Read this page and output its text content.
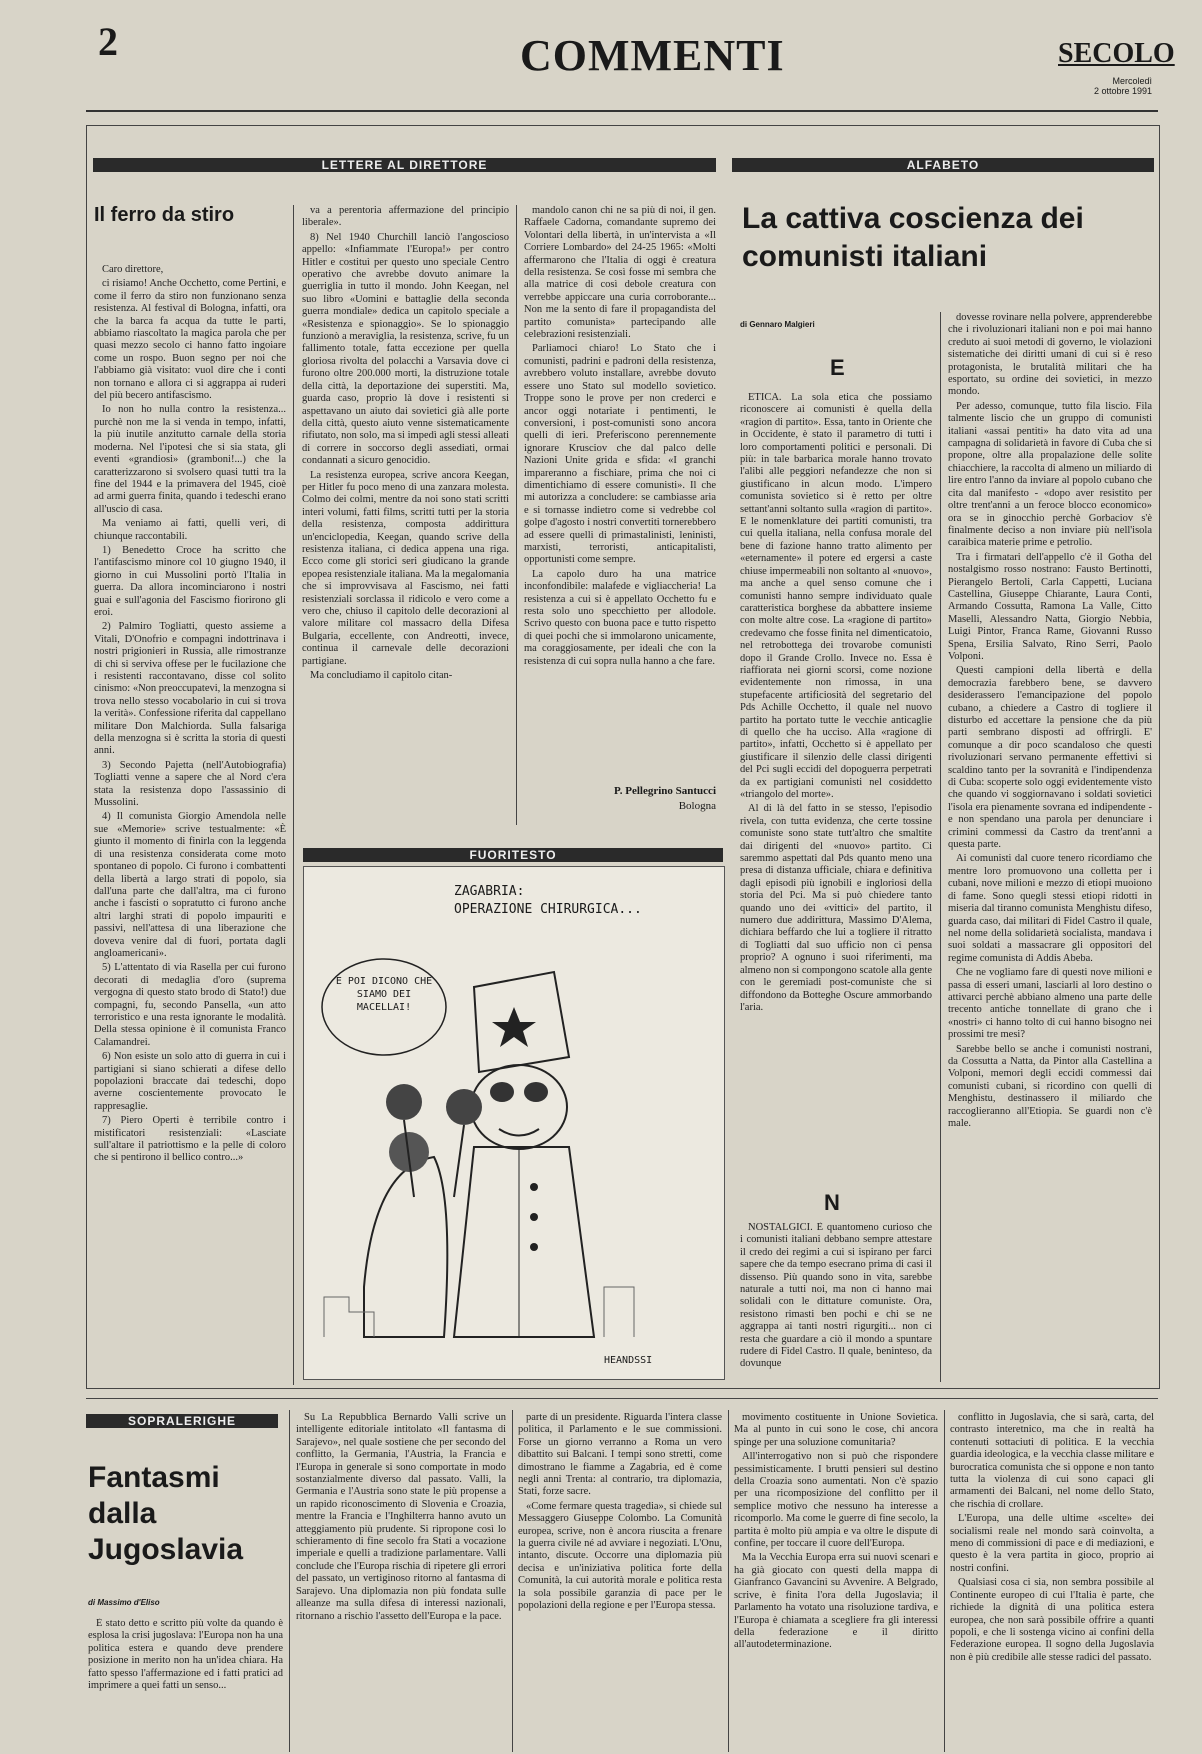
2	COMMENTI	SECOLO
Mercoledì
2 ottobre 1991
LETTERE AL DIRETTORE
Il ferro da stiro

Caro direttore,

ci risiamo! Anche Occhetto, come Pertini, e come il ferro da stiro non funzionano senza resistenza. Al festival di Bologna, infatti, ora che la barca fa acqua da tutte le parti, abbiamo riascoltato la magica parola che per quasi mezzo secolo ci hanno fatto ingoiare come un rospo. Buon segno per noi che l'abbiamo già visitato: vuol dire che i conti non tornano e allora ci si aggrappa ai ruderi del più becero antifascismo.

Io non ho nulla contro la resistenza... purchè non me la si venda in tempo, infatti, la più inutile anzitutto carnale della storia moderna. Nel l'ipotesi che si sia stata, gli eventi «grandiosi» (gramboni!...) che la caratterizzarono si svolsero quasi tutti tra la fine del 1944 e la primavera del 1945, cioè ad armi guerra finita, quando i tedeschi erano all'uscio di casa.

Ma veniamo ai fatti, quelli veri, di chiunque raccontabili.

1) Benedetto Croce ha scritto che l'antifascismo minore col 10 giugno 1940, il giorno in cui Mussolini portò l'Italia in guerra. Da allora incominciarono i nostri guai e sull'agonia del Fascismo fiorirono gli eroi.

2) Palmiro Togliatti, questo assieme a Vitali, D'Onofrio e compagni indottrinava i nostri prigionieri in Russia, alle rimostranze di chi si serviva offese per le fucilazione che i resistenti raccontavano, disse col solito cinismo: «Non preoccupatevi, la menzogna si trova nello stesso vocabolario in cui si trova la verità». Confessione riferita dal cappellano militare Don Malchiorda. Sulla falsariga della menzogna si è scritta la storia di questi anni.

3) Secondo Pajetta (nell'Autobiografia) Togliatti venne a sapere che al Nord c'era stata la resistenza dopo l'assassinio di Mussolini.

4) Il comunista Giorgio Amendola nelle sue «Memorie» scrive testualmente: «È giunto il momento di finirla con la leggenda di una resistenza considerata come moto spontaneo di popolo. Ci furono i combattenti della libertà a largo strati di popolo, sia dall'una parte che dall'altra, ma ci furono anche i fascisti o sopratutto ci furono anche altri larghi strati di popolo impauriti e passivi, nell'attesa di una liberazione che doveva venire dal di fuori, portata dagli angloamericani».

5) L'attentato di via Rasella per cui furono decorati di medaglia d'oro (suprema vergogna di questo stato brodo di Stato!) due compagni, fu, secondo Pansella, «un atto terroristico e una resta ignorante le modalità. Della stessa opinione è il comunista Franco Calamandrei.

6) Non esiste un solo atto di guerra in cui i partigiani si siano schierati a difese dello popolazioni braccate dai tedeschi, dopo averne coscientemente provocato le rappresaglie.

7) Piero Operti è terribile contro i mistificatori resistenziali: «Lasciate sull'altare il patriottismo e la pelle di coloro che si pentirono il bellico contro...»

va a perentoria affermazione del principio liberale».

8) Nel 1940 Churchill lanciò l'angoscioso appello: «Infiammate l'Europa!» per contro Hitler e costituì per questo uno speciale Centro operativo che avrebbe dovuto animare la guerriglia in tutto il mondo. John Keegan, nel suo libro «Uomini e battaglie della seconda guerra mondiale» dedica un capitolo speciale a «Resistenza e spionaggio». Se lo spionaggio funzionò a meraviglia, la resistenza, scrive, fu un fallimento totale, fatta eccezione per quella gloriosa rivolta del polacchi a Varsavia dove ci furono oltre 200.000 morti, la distruzione totale della città, la deportazione dei superstiti. Ma, guarda caso, proprio là dove i resistenti si aspettavano un aiuto dai sovietici già alle porte della città, questo aiuto venne sistematicamente rifiutato, non solo, ma si impedì agli stessi alleati di correre in soccorso degli assediati, ormai condannati a sicuro genocidio.

La resistenza europea, scrive ancora Keegan, per Hitler fu poco meno di una zanzara molesta. Colmo dei colmi, mentre da noi sono stati scritti interi volumi, fatti films, scritti tutti per la storia della resistenza, composta addirittura un'enciclopedia, Keegan, quando scrive della resistenza italiana, ci dedica appena una riga. Ecco come gli storici seri giudicano la grande epopea resistenziale italiana. Ma la megalomania che si improvvisava al Fascismo, nei fatti resistenziali sorclassa il ridicolo e vero come a vero che, chiuso il capitolo delle decorazioni al valore militare col massacro della Difesa Bulgaria, eccellente, con Andreotti, invece, continua il carnevale delle decorazioni partigiane.

Ma concludiamo il capitolo citan-

mandolo canon chi ne sa più di noi, il gen. Raffaele Cadorna, comandante supremo dei Volontari della libertà, in un'intervista a «Il Corriere Lombardo» del 24-25 1965: «Molti affermarono che l'Italia di oggi è creatura della resistenza. Se così fosse mi sembra che alla matrice di così debole creatura con verrebbe appiccare una curia corroborante... Non me la sento di fare il propagandista del partito comunista» partecipando alle celebrazioni resistenziali.

Parliamoci chiaro! Lo Stato che i comunisti, padrini e padroni della resistenza, avrebbero voluto installare, avrebbe dovuto essere uno Stato sul modello sovietico. Troppe sono le prove per non crederci e ancor oggi notariate i pentimenti, le conversioni, i post-comunisti sono ancora quelli di ieri. Preferiscono perennemente ignorare Krusciov che dal palco delle Nazioni Unite grida e sfida: «I granchi impareranno a fischiare, prima che noi ci dimentichiamo di essere comunisti». Il che mi autorizza a concludere: se cambiasse aria e si tornasse indietro come si vedrebbe col golpe d'agosto i nostri convertiti tornerebbero ad essere quelli di primastalinisti, leninisti, marxisti, terroristi, anticapitalisti, opportunisti come sempre.

La capolo duro ha una matrice inconfondibile: malafede e vigliaccheria! La resistenza a cui si è appellato Occhetto fu e resta solo uno specchietto per allodole. Scrivo questo con buona pace e tutto rispetto di quei pochi che si immolarono unicamente, ma coraggiosamente, per ideali che con la resistenza di cui sopra nulla hanno a che fare.

P. Pellegrino Santucci
Bologna
FUORITESTO
ZAGABRIA:
OPERAZIONE CHIRURGICA...
E POI DICONO CHE SIAMO DEI MACELLAI!
HEANDSSI
ALFABETO
La cattiva coscienza dei comunisti italiani
di Gennaro Malgieri
E

ETICA. La sola etica che possiamo riconoscere ai comunisti è quella della «ragion di partito». Essa, tanto in Oriente che in Occidente, è stato il parametro di tutti i loro comportamenti politici e personali. Di più: in tale barbarica morale hanno trovato l'alibi alle peggiori nefandezze che non si giustificano in alcun modo. L'impero comunista sovietico si è retto per oltre settant'anni soltanto sulla «ragion di partito». E le nomenklature dei partiti comunisti, tra cui quella italiana, nella confusa morale del bene di fazione hanno tratto alimento per «eternamente» il potere ed ergersi a caste chiuse impermeabili non soltanto al «nuovo», ma anche a quel senso comune che i comunisti hanno sempre individuato quale caratteristica borghese da abbattere insieme con molte altre cose. La «ragione di partito» credevamo che fosse finita nel dimenticatoio, nel retrobottega dei trovarobe comunisti dopo il Grande Crollo. Invece no. Essa è riaffiorata nei giorni scorsi, come nozione evidentemente non rimossa, in una stupefacente artificiosità del segretario del Pds Achille Occhetto, il quale nel nuovo partito ha portato tutte le vecchie anticaglie di quello che ha ucciso. Alla «ragione di partito», infatti, Occhetto si è appellato per giustificare il silenzio delle classi dirigenti del Pci sugli eccidi del dopoguerra perpetrati da ex partigiani comunisti nel cosiddetto «triangolo del morte».

Al di là del fatto in se stesso, l'episodio rivela, con tutta evidenza, che certe tossine comuniste sono state tutt'altro che smaltite dai dirigenti del «nuovo» partito. Ci saremmo aspettati dal Pds quanto meno una presa di distanza ufficiale, chiara e definitiva dagli episodi più ignobili e ingloriosi della storia del Pci. Ma si può chiedere tanto quando uno dei «vittici» del partito, il numero due addirittura, Massimo D'Alema, dichiara beffardo che lui a togliere il ritratto di Togliatti dal suo ufficio non ci pensa proprio? A ognuno i suoi riferimenti, ma almeno non si compongono scatole alla gente con le geremiadi post-comuniste che si diffondono da Botteghe Oscure ammorbando l'aria.

N

NOSTALGICI. È quantomeno curioso che i comunisti italiani debbano sempre attestare il credo dei regimi a cui si ispirano per farci sapere che da tempo esecrano prima di casi il dissenso. Più quando sono in vita, sarebbe naturale a tutti noi, ma non ci hanno mai solidali con le dittature comuniste. Ora, resistono rimasti ben pochi e chi se ne aggrappa ai tanti nostri rigurgiti... non ci resta che guardare a ciò il mondo a spuntare rudere di Fidel Castro. Il quale, beninteso, da dovunque

dovesse rovinare nella polvere, apprenderebbe che i rivoluzionari italiani non e poi mai hanno creduto ai suoi metodi di governo, le violazioni sistematiche dei diritti umani di cui si è reso protagonista, le brutalità militari che ha esportato, su ordine dei sovietici, in mezzo mondo.

Per adesso, comunque, tutto fila liscio. Fila talmente liscio che un gruppo di comunisti italiani «assai pentiti» ha dato vita ad una campagna di solidarietà in favore di Cuba che si propone, oltre alla propalazione delle solite chiacchiere, la raccolta di almeno un miliardo di lire entro l'anno da inviare al popolo cubano che cita dal manifesto - «dopo aver resistito per oltre trent'anni a un feroce blocco economico» ora se in ginocchio perchè Gorbaciov s'è finalmente deciso a non inviare più nell'isola caraibica materie prime e petrolio.

Tra i firmatari dell'appello c'è il Gotha del nostalgismo rosso nostrano: Fausto Bertinotti, Pierangelo Bertoli, Carla Cappetti, Luciana Castellina, Giuseppe Chiarante, Laura Conti, Armando Cossutta, Ramona La Valle, Citto Maselli, Alessandro Natta, Giorgio Nebbia, Luigi Pintor, Franca Rame, Giovanni Russo Spena, Ersilia Salvato, Rino Serri, Paolo Volponi.

Questi campioni della libertà e della democrazia farebbero bene, se davvero desiderassero l'emancipazione del popolo cubano, a chiedere a Castro di togliere il disturbo ed accettare la pensione che da più parti sembrano disposti ad offrirgli. E' comunque a dir poco scandaloso che questi rivoluzionari servano permanente effettivi si scaldino tanto per la sovranità e l'indipendenza di Cuba: scoperte solo oggi evidentemente visto che quando vi soggiornavano i soldati sovietici l'isola era pienamente sovrana ed indipendente - e non spendano una parola per denunciare i crimini commessi da Castro da trent'anni a questa parte.

Ai comunisti dal cuore tenero ricordiamo che mentre loro promuovono una colletta per i cubani, nove milioni e mezzo di etiopi muoiono di fame. Sono quegli stessi etiopi ridotti in miseria dal tiranno comunista Menghistu difeso, guarda caso, dai militari di Fidel Castro il quale, nel nome della solidarietà socialista, mandava i suoi soldati a massacrare gli oppositori del regime comunista di Addis Abeba.

Che ne vogliamo fare di questi nove milioni e passa di esseri umani, lasciarli al loro destino o attivarci perchè abbiano almeno una parte delle trecento antiche tonnellate di grano che i «nostri» ci hanno tolto di cui hanno bisogno nei prossimi tre mesi?

Sarebbe bello se anche i comunisti nostrani, da Cossutta a Natta, da Pintor alla Castellina a Volponi, memori degli eccidi commessi dai comunisti cubani, si ricordino con quelli di Menghistu, destinassero il miliardo che raccoglieranno all'Etiopia. Se guardi non c'è male.

SOPRALERIGHE
Fantasmi dalla Jugoslavia
di Massimo d'Eliso

È stato detto e scritto più volte da quando è esplosa la crisi jugoslava: l'Europa non ha una politica estera e quando deve prendere posizione in merito non ha un'idea chiara. Ha fatto spesso l'affermazione ed i fatti pratici ad imprimere a quei fatti un senso...

Su La Repubblica Bernardo Valli scrive un intelligente editoriale intitolato «Il fantasma di Sarajevo», nel quale sostiene che per secondo del conflitto, la Germania, l'Austria, la Francia e l'Europa in generale si sono comportate in modo sostanzialmente diverso dal passato. Valli, la Germania e l'Austria sono state le più propense a un rapido riconoscimento di Slovenia e Croazia, mentre la Francia e l'Inghilterra hanno avuto un atteggiamento più prudente. Si ripropone così lo schieramento di fine secolo fra Stati a vocazione imperiale e quelli a tradizione parlamentare. Valli conclude che l'Europa rischia di ripetere gli errori del passato, un vertiginoso ritorno al fantasma di Sarajevo. Una diplomazia non più fondata sulle alleanze ma sulla difesa di interessi nazionali, ritornano a rischio l'assetto dell'Europa e la pace.

parte di un presidente. Riguarda l'intera classe politica, il Parlamento e le sue commissioni. Forse un giorno verranno a Roma un vero dibattito sui Balcani. I tempi sono stretti, come dimostrano le fiamme a Zagabria, ed è come negli anni Trenta: al contrario, tra diplomazia, Stati, forze sacre.

«Come fermare questa tragedia», si chiede sul Messaggero Giuseppe Colombo. La Comunità europea, scrive, non è ancora riuscita a frenare la guerra civile né ad avviare i negoziati. L'Onu, intanto, discute. Occorre una diplomazia più decisa e un'iniziativa politica forte della Comunità, la cui autorità morale e politica resta la sola possibile garanzia di pace per le popolazioni della regione e per l'Europa stessa.

movimento costituente in Unione Sovietica. Ma al punto in cui sono le cose, chi ancora spinge per una soluzione comunitaria?

All'interrogativo non si può che rispondere pessimisticamente. I brutti pensieri sul destino della Croazia sono aumentati. Non c'è spazio per una ricomposizione del conflitto per il semplice motivo che nessuno ha interesse a ricomporlo. Ma come le guerre di fine secolo, la partita è molto più ampia e va oltre le dispute di confine, per toccare il cuore dell'Europa.

Ma la Vecchia Europa erra sui nuovi scenari e ha già giocato con questi della mappa di Gianfranco Gavancini su Avvenire. A Belgrado, scrive, è finita l'ora della Jugoslavia; il Parlamento ha votato una risoluzione tardiva, e l'Europa è chiamata a scegliere fra gli interessi della federazione e il diritto all'autodeterminazione.

conflitto in Jugoslavia, che si sarà, carta, del contrasto interetnico, ma che in realtà ha contenuti sottaciuti di politica. E la vecchia guardia ideologica, e la vecchia classe militare e burocratica comunista che si oppone e non tanto tutta la violenza di cui sono capaci gli armamenti dei Balcani, nel nome dello Stato, che rischia di crollare.

L'Europa, una delle ultime «scelte» dei socialismi reale nel mondo sarà coinvolta, a meno di commissioni di pace e di mediazioni, e questo è la vera partita in gioco, proprio ai nostri confini.

Qualsiasi cosa ci sia, non sembra possibile al Continente europeo di cui l'Italia è parte, che richiede la dignità di una politica estera europea, che non sarà possibile offrire a quanti popoli, e che li sostenga vicino ai confini della Federazione europea. Il sogno della Jugoslavia non è più credibile alle stesse radici del passato.
